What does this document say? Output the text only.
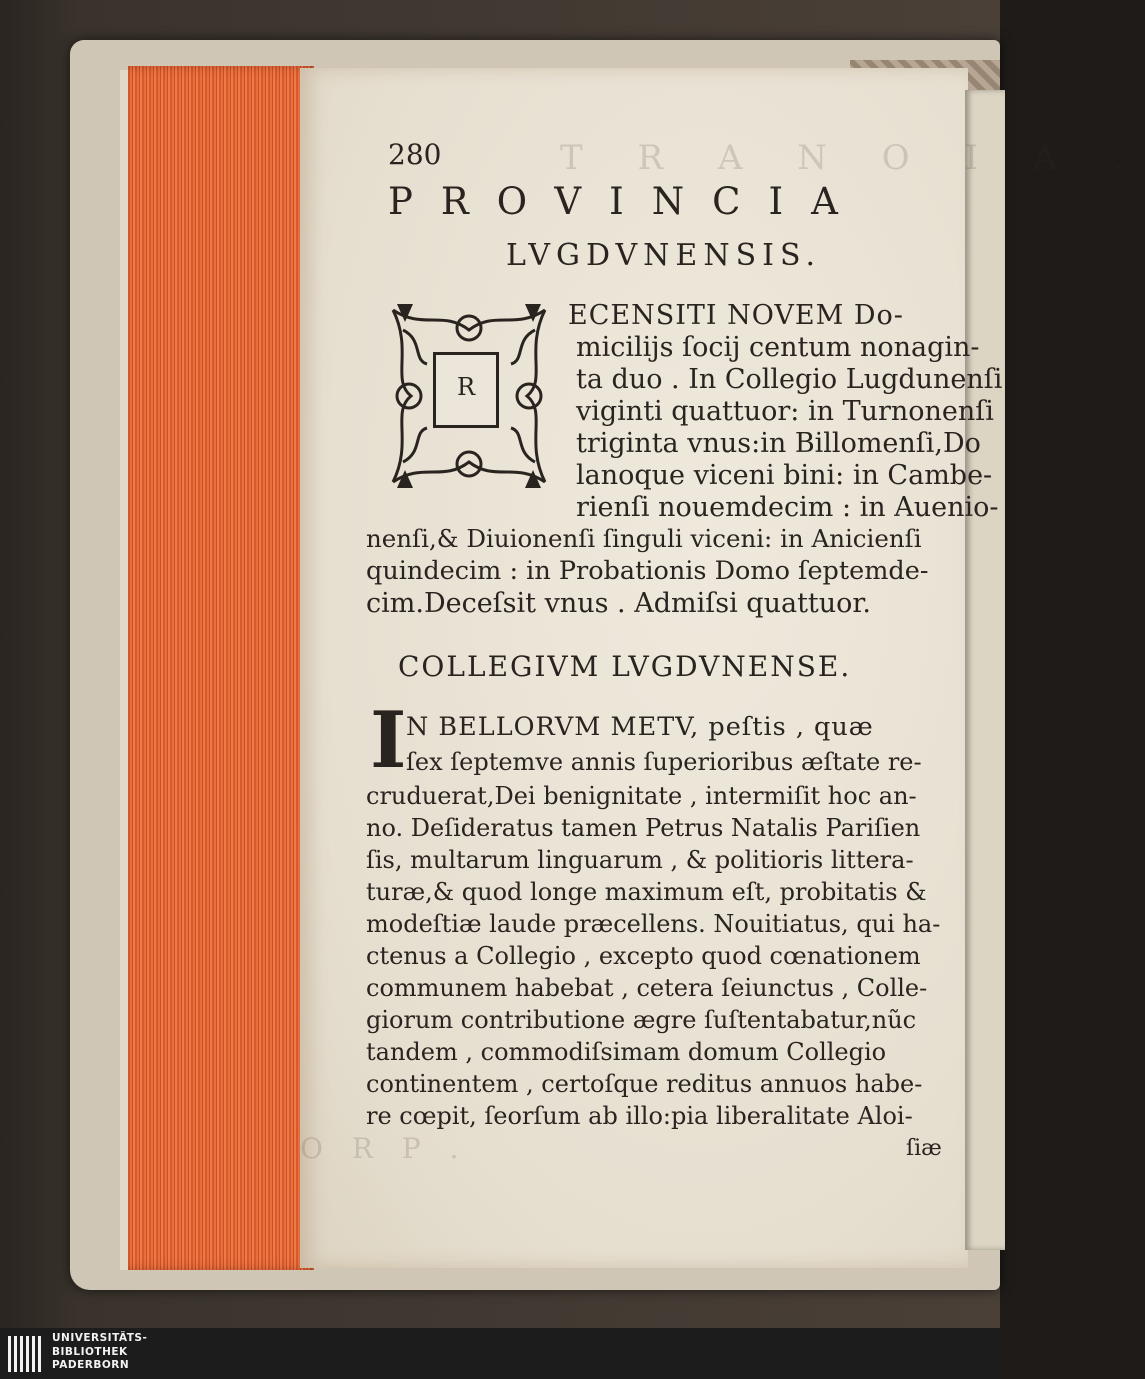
T R A N O I A .
O R P .
280
PROVINCIA
LVGDVNENSIS.
R
ECENSITI NOVEM Do-
micilijs ſocij centum nonagin-
ta duo . In Collegio Lugdunenſi
viginti quattuor: in Turnonenſi
triginta vnus:in Billomenſi,Do
lanoque viceni bini: in Cambe-
rienſi nouemdecim : in Auenio-
nenſi,& Diuionenſi ſinguli viceni: in Anicienſi
quindecim : in Probationis Domo ſeptemde-
cim.Deceſsit vnus . Admiſsi quattuor.
COLLEGIVM LVGDVNENSE.
I N BELLORVM METV, peſtis , quæ
ſex ſeptemve annis ſuperioribus æſtate re-
cruduerat,Dei benignitate , intermiſit hoc an-
no. Deſideratus tamen Petrus Natalis Pariſien
ſis, multarum linguarum , & politioris littera-
turæ,& quod longe maximum eſt, probitatis &
modeſtiæ laude præcellens. Nouitiatus, qui ha-
ctenus a Collegio , excepto quod cœnationem
communem habebat , cetera ſeiunctus , Colle-
giorum contributione ægre ſuſtentabatur,nũc
tandem , commodiſsimam domum Collegio
continentem , certoſque reditus annuos habe-
re cœpit, ſeorſum ab illo:pia liberalitate Aloi-
ſiæ
UNIVERSITÄTS-
BIBLIOTHEK
PADERBORN
